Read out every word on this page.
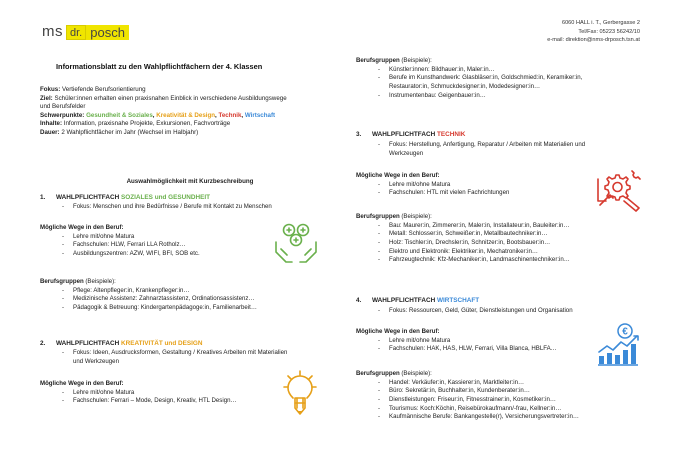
ms dr. posch
6060 HALL i. T., Gerbergasse 2
Tel/Fax: 05223 56242/10
e-mail: direktion@nms-drposch.tsn.at
Informationsblatt zu den Wahlpflichtfächern der 4. Klassen
Fokus: Vertiefende Berufsorientierung
Ziel: Schüler:innen erhalten einen praxisnahen Einblick in verschiedene Ausbildungswege
und Berufsfelder
Schwerpunkte: Gesundheit & Soziales, Kreativität & Design, Technik, Wirtschaft
Inhalte: Information, praxisnahe Projekte, Exkursionen, Fachvorträge
Dauer: 2 Wahlpflichtfächer im Jahr (Wechsel im Halbjahr)
Auswahlmöglichkeit mit Kurzbeschreibung
1. WAHLPFLICHTFACH SOZIALES und GESUNDHEIT
- Fokus: Menschen und ihre Bedürfnisse / Berufe mit Kontakt zu Menschen
Mögliche Wege in den Beruf:
- Lehre mit/ohne Matura
- Fachschulen: HLW, Ferrari LLA Rotholz…
- Ausbildungszentren: AZW, WIFI, BFI, SOB etc.
Berufsgruppen (Beispiele):
- Pflege: Altenpfleger:in, Krankenpfleger:in…
- Medizinische Assistenz: Zahnarztassistenz, Ordinationsassistenz…
- Pädagogik & Betreuung: Kindergartenpädagoge:in, Familienarbeit…
2. WAHLPFLICHTFACH KREATIVITÄT und DESIGN
- Fokus: Ideen, Ausdrucksformen, Gestaltung / Kreatives Arbeiten mit Materialien
und Werkzeugen
Mögliche Wege in den Beruf:
- Lehre mit/ohne Matura
- Fachschulen: Ferrari – Mode, Design, Kreativ, HTL Design…
Berufsgruppen (Beispiele):
- Künstler:innen: Bildhauer:in, Maler:in…
- Berufe im Kunsthandwerk: Glasbläser:in, Goldschmied:in, Keramiker:in,
Restaurator:in, Schmuckdesigner:in, Modedesigner:in…
- Instrumentenbau: Geigenbauer:in…
3. WAHLPFLICHTFACH TECHNIK
- Fokus: Herstellung, Anfertigung, Reparatur / Arbeiten mit Materialien und
Werkzeugen
Mögliche Wege in den Beruf:
- Lehre mit/ohne Matura
- Fachschulen: HTL mit vielen Fachrichtungen
Berufsgruppen (Beispiele):
- Bau: Maurer:in, Zimmerer:in, Maler:in, Installateur:in, Bauleiter:in…
- Metall: Schlosser:in, Schweißer:in, Metallbautechniker:in…
- Holz: Tischler:in, Drechsler:in, Schnitzer:in, Bootsbauer:in…
- Elektro und Elektronik: Elektriker:in, Mechatroniker:in…
- Fahrzeugtechnik: Kfz-Mechaniker:in, Landmaschinentechniker:in…
4. WAHLPFLICHTFACH WIRTSCHAFT
- Fokus: Ressourcen, Geld, Güter, Dienstleistungen und Organisation
Mögliche Wege in den Beruf:
- Lehre mit/ohne Matura
- Fachschulen: HAK, HAS, HLW, Ferrari, Villa Blanca, HBLFA…
€
Berufsgruppen (Beispiele):
- Handel: Verkäufer:in, Kassierer:in, Marktleiter:in…
- Büro: Sekretär:in, Buchhalter:in, Kundenberater:in…
- Dienstleistungen: Friseur:in, Fitnesstrainer:in, Kosmetiker:in…
- Tourismus: Koch:Köchin, Reisebürokaufmann/-frau, Kellner:in…
- Kaufmännische Berufe: Bankangestelle(r), Versicherungsvertreter:in…
